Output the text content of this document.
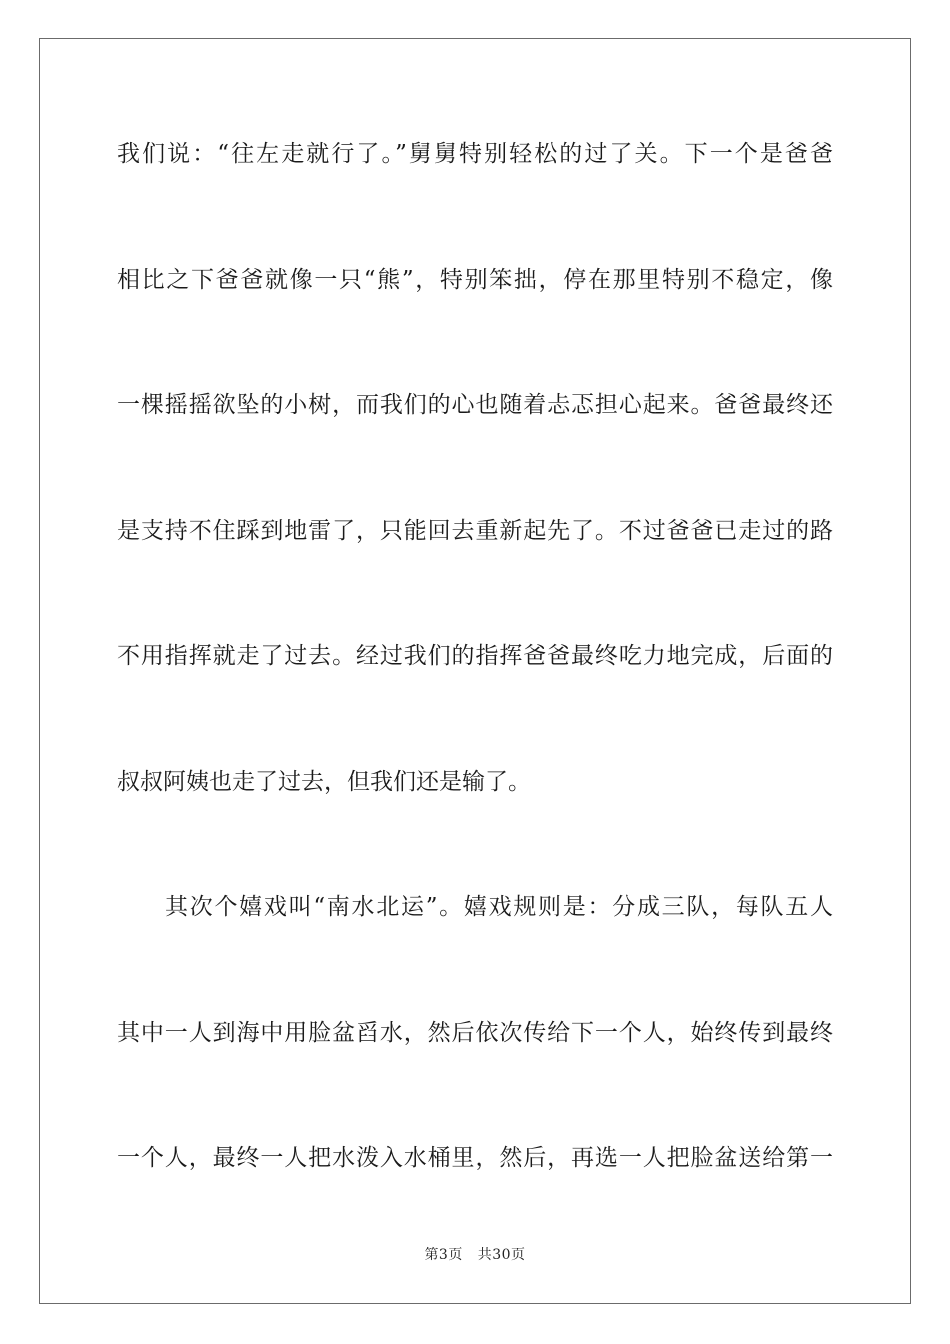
我们说：“往左走就行了。”舅舅特别轻松的过了关。下一个是爸爸
相比之下爸爸就像一只“熊”，特别笨拙，停在那里特别不稳定，像
一棵摇摇欲坠的小树，而我们的心也随着忐忑担心起来。爸爸最终还
是支持不住踩到地雷了，只能回去重新起先了。不过爸爸已走过的路
不用指挥就走了过去。经过我们的指挥爸爸最终吃力地完成，后面的
叔叔阿姨也走了过去，但我们还是输了。
其次个嬉戏叫“南水北运”。嬉戏规则是：分成三队，每队五人
其中一人到海中用脸盆舀水，然后依次传给下一个人，始终传到最终
一个人，最终一人把水泼入水桶里，然后，再选一人把脸盆送给第一
第3页 共30页
